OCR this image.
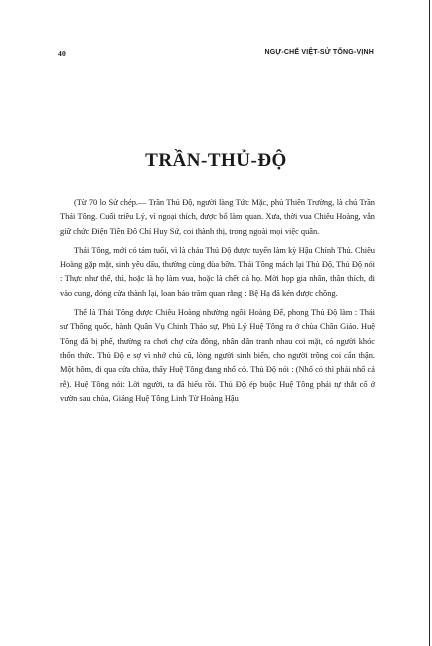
40	NGỰ-CHẾ VIỆT-SỬ TỔNG-VỊNH
TRẦN-THỦ-ĐỘ

(Từ 70 lo Sử chép.— Trần Thủ Độ, người làng Tức Mặc, phủ Thiên Trường, là chú Trần Thái Tông. Cuối triều Lý, vì ngoại thích, được bổ làm quan. Xưa, thời vua Chiêu Hoàng, vẫn giữ chức Điện Tiền Đô Chỉ Huy Sứ, coi thành thị, trong ngoài mọi việc quân.

Thái Tông, mới có tám tuổi, vì là cháu Thủ Độ được tuyển làm kỳ Hậu Chính Thủ. Chiêu Hoàng gặp mặt, sinh yêu dấu, thường cùng đùa bỡn. Thái Tông mách lại Thủ Độ, Thủ Độ nói : Thực như thế, thì, hoặc là họ làm vua, hoặc là chết cả họ. Mời họp gia nhân, thân thích, đi vào cung, đóng cửa thành lại, loan báo trăm quan rằng : Bệ Hạ đã kén được chồng.

Thế là Thái Tông được Chiêu Hoàng nhường ngôi Hoàng Đế, phong Thủ Độ làm : Thái sư Thống quốc, hành Quân Vụ Chinh Thảo sự, Phủ Lý Huệ Tông ra ở chùa Chân Giáo. Huệ Tông đã bị phế, thường ra chơi chợ cửa đông, nhân dân tranh nhau coi mặt, có người khóc thổn thức. Thủ Độ e sợ vì nhớ chủ cũ, lòng người sinh biến, cho người trông coi cẩn thận. Một hôm, đi qua cửa chùa, thấy Huệ Tông đang nhổ cỏ. Thủ Độ nói : (Nhổ cỏ thì phải nhổ cả rễ). Huệ Tông nói: Lời người, ta đã hiểu rồi. Thủ Độ ép buộc Huệ Tông phải tự thắt cổ ở vườn sau chùa, Giáng Huệ Tông Linh Từ Hoàng Hậu
